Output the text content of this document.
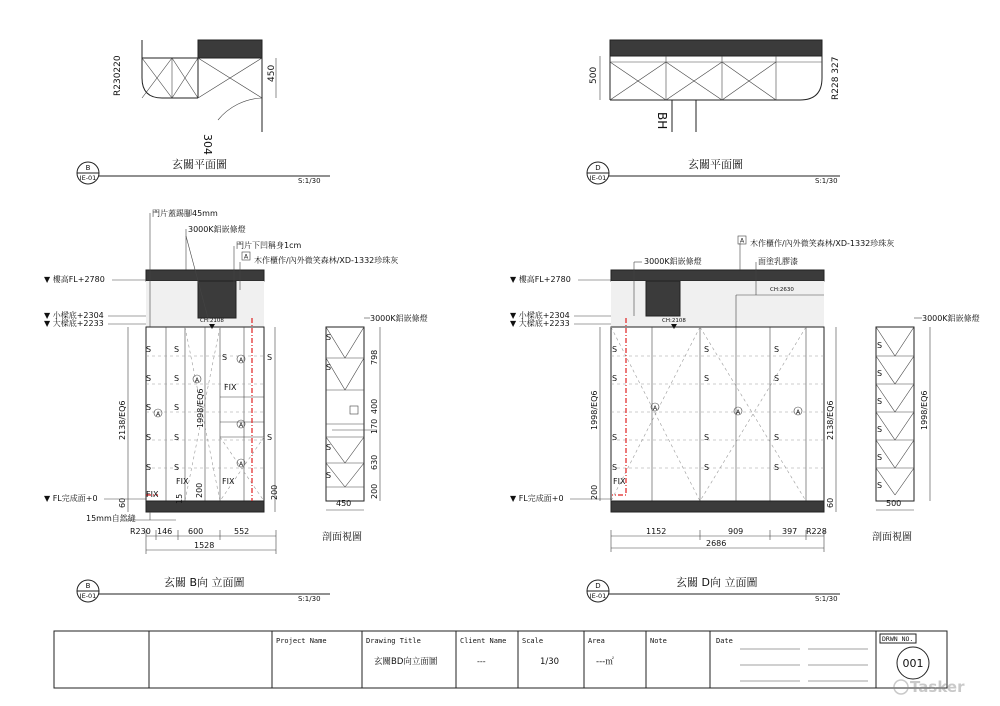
R230220	450
304
B
IE-01
玄關平面圖
S:1/30
500	R228 327
BH
D
IE-01
玄關平面圖
S:1/30
S
S
S
S
S
S
S
S
S
S
S	S
S
A
A
A
A
A
FIX
FIX	FIX
FIX
CH:2108
1998/EQ6
200
15	200
2138/EQ6
60
門片蓋踢腳45mm
3000K鋁嵌條燈
門片下凹稱身1cm
A 木作櫃作/內外微笑森林/XD-1332珍珠灰
▼ 樓高FL+2780
▼ 小樑底+2304
▼ 大樑底+2233
▼ FL完成面+0
15mm自然縫
R230 146 600	552
1528
S
S
S
S
3000K鋁嵌條燈
798
400
170
630
200
450
剖面視圖
B
IE-01
玄關 B向 立面圖
S:1/30
S
S
S
S
S
S
S
S
S
S
S
S
A
A	A
FIX
CH:2108
CH:2630
1998/EQ6
200
2138/EQ6
60
A 木作櫃作/內外微笑森林/XD-1332珍珠灰
3000K鋁嵌條燈	面塗乳膠漆
▼ 樓高FL+2780
▼ 小樑底+2304
▼ 大樑底+2233
▼ FL完成面+0
1152	909	397 R228
2686
S
S
S
S
S
S
3000K鋁嵌條燈
1998/EQ6
500
剖面視圖
D
IE-01
玄關 D向 立面圖
S:1/30
Project Name	Drawing Title
玄關BD向立面圖
Client Name
---
Scale
1/30
Area
---㎡
Note	Date	DRWN NO.
001
Tasker
